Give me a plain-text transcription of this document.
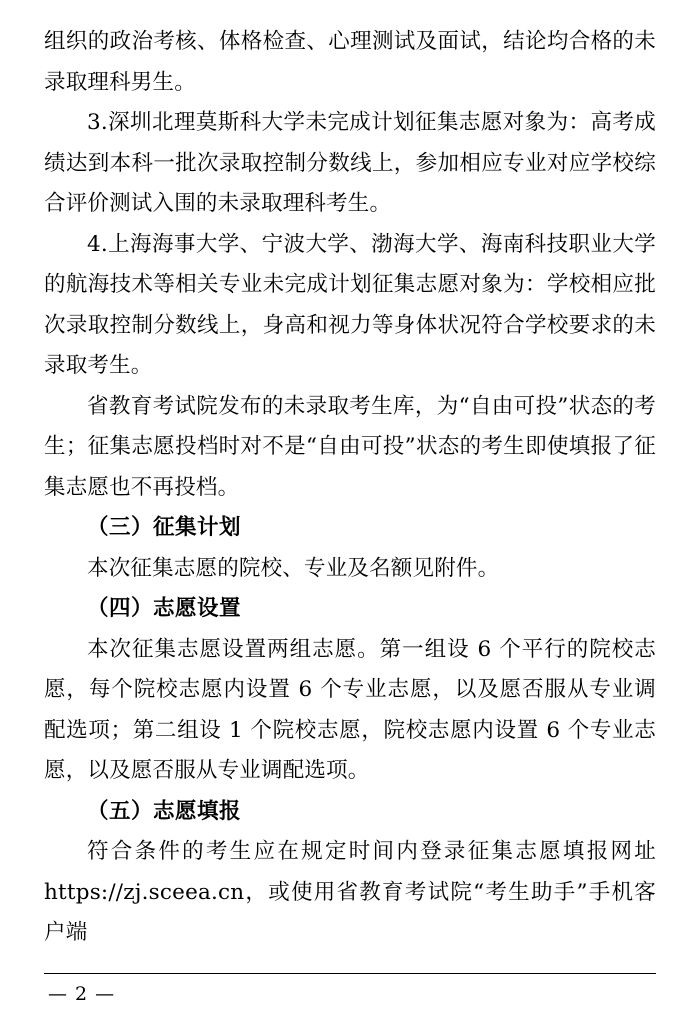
组织的政治考核、体格检查、心理测试及面试，结论均合格的未录取理科男生。

3.深圳北理莫斯科大学未完成计划征集志愿对象为：高考成绩达到本科一批次录取控制分数线上，参加相应专业对应学校综合评价测试入围的未录取理科考生。

4.上海海事大学、宁波大学、渤海大学、海南科技职业大学的航海技术等相关专业未完成计划征集志愿对象为：学校相应批次录取控制分数线上，身高和视力等身体状况符合学校要求的未录取考生。

省教育考试院发布的未录取考生库，为“自由可投”状态的考生；征集志愿投档时对不是“自由可投”状态的考生即使填报了征集志愿也不再投档。

（三）征集计划

本次征集志愿的院校、专业及名额见附件。

（四）志愿设置

本次征集志愿设置两组志愿。第一组设 6 个平行的院校志愿，每个院校志愿内设置 6 个专业志愿，以及愿否服从专业调配选项；第二组设 1 个院校志愿，院校志愿内设置 6 个专业志愿，以及愿否服从专业调配选项。

（五）志愿填报

符合条件的考生应在规定时间内登录征集志愿填报网址 https://zj.sceea.cn，或使用省教育考试院“考生助手”手机客户端

— 2 —
